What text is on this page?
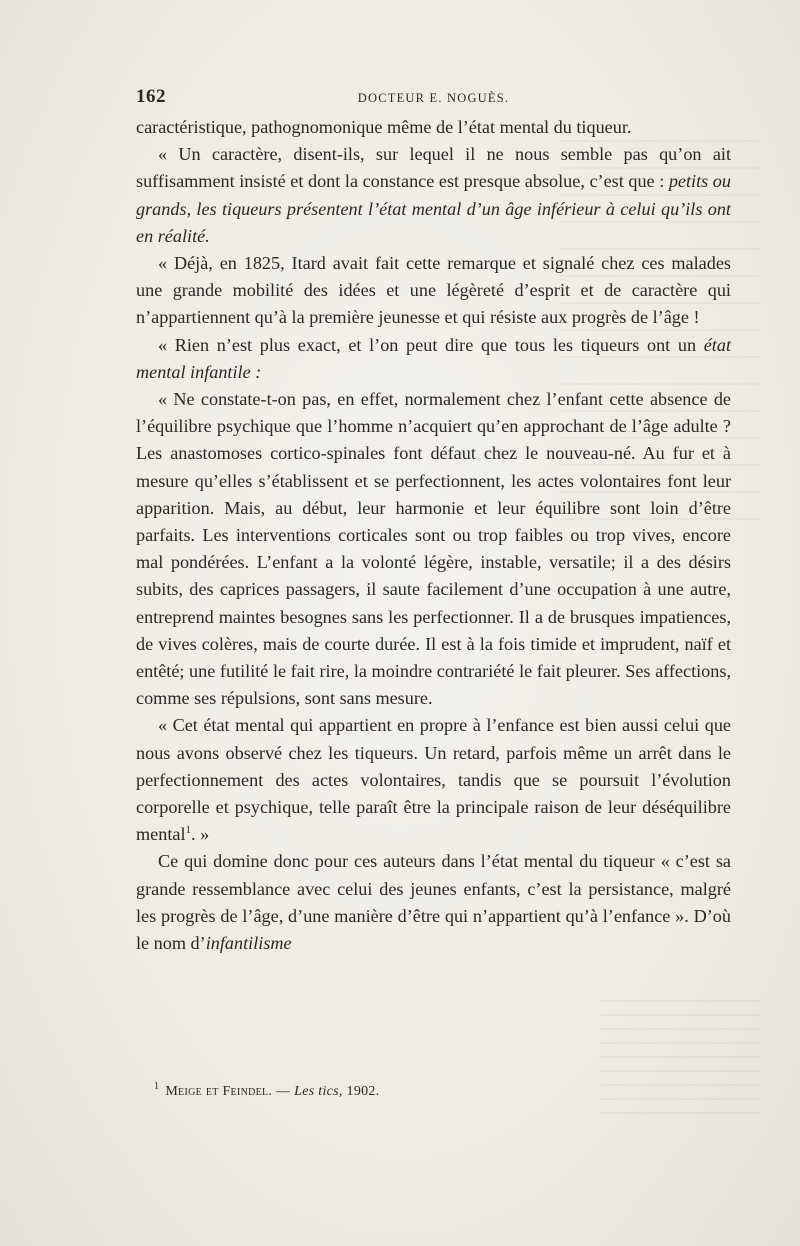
162	DOCTEUR E. NOGUÈS.

caractéristique, pathognomonique même de l’état mental du tiqueur.

« Un caractère, disent-ils, sur lequel il ne nous semble pas qu’on ait suffisamment insisté et dont la constance est presque absolue, c’est que : petits ou grands, les tiqueurs présentent l’état mental d’un âge inférieur à celui qu’ils ont en réalité.

« Déjà, en 1825, Itard avait fait cette remarque et signalé chez ces malades une grande mobilité des idées et une légèreté d’esprit et de caractère qui n’appartiennent qu’à la première jeunesse et qui résiste aux progrès de l’âge !

« Rien n’est plus exact, et l’on peut dire que tous les tiqueurs ont un état mental infantile :

« Ne constate-t-on pas, en effet, normalement chez l’enfant cette absence de l’équilibre psychique que l’homme n’acquiert qu’en approchant de l’âge adulte ? Les anastomoses cortico-spinales font défaut chez le nouveau-né. Au fur et à mesure qu’elles s’établissent et se perfectionnent, les actes volontaires font leur apparition. Mais, au début, leur harmonie et leur équilibre sont loin d’être parfaits. Les interventions corticales sont ou trop faibles ou trop vives, encore mal pondérées. L’enfant a la volonté légère, instable, versatile; il a des désirs subits, des caprices passagers, il saute facilement d’une occupation à une autre, entreprend maintes besognes sans les perfectionner. Il a de brusques impatiences, de vives colères, mais de courte durée. Il est à la fois timide et imprudent, naïf et entêté; une futilité le fait rire, la moindre contrariété le fait pleurer. Ses affections, comme ses répulsions, sont sans mesure.

« Cet état mental qui appartient en propre à l’enfance est bien aussi celui que nous avons observé chez les tiqueurs. Un retard, parfois même un arrêt dans le perfectionnement des actes volontaires, tandis que se poursuit l’évolution corporelle et psychique, telle paraît être la principale raison de leur déséquilibre mental$^1$. »

Ce qui domine donc pour ces auteurs dans l’état mental du tiqueur « c’est sa grande ressemblance avec celui des jeunes enfants, c’est la persistance, malgré les progrès de l’âge, d’une manière d’être qui n’appartient qu’à l’enfance ». D’où le nom d’infantilisme

$^1$ Meige et Feindel. — Les tics, 1902.
